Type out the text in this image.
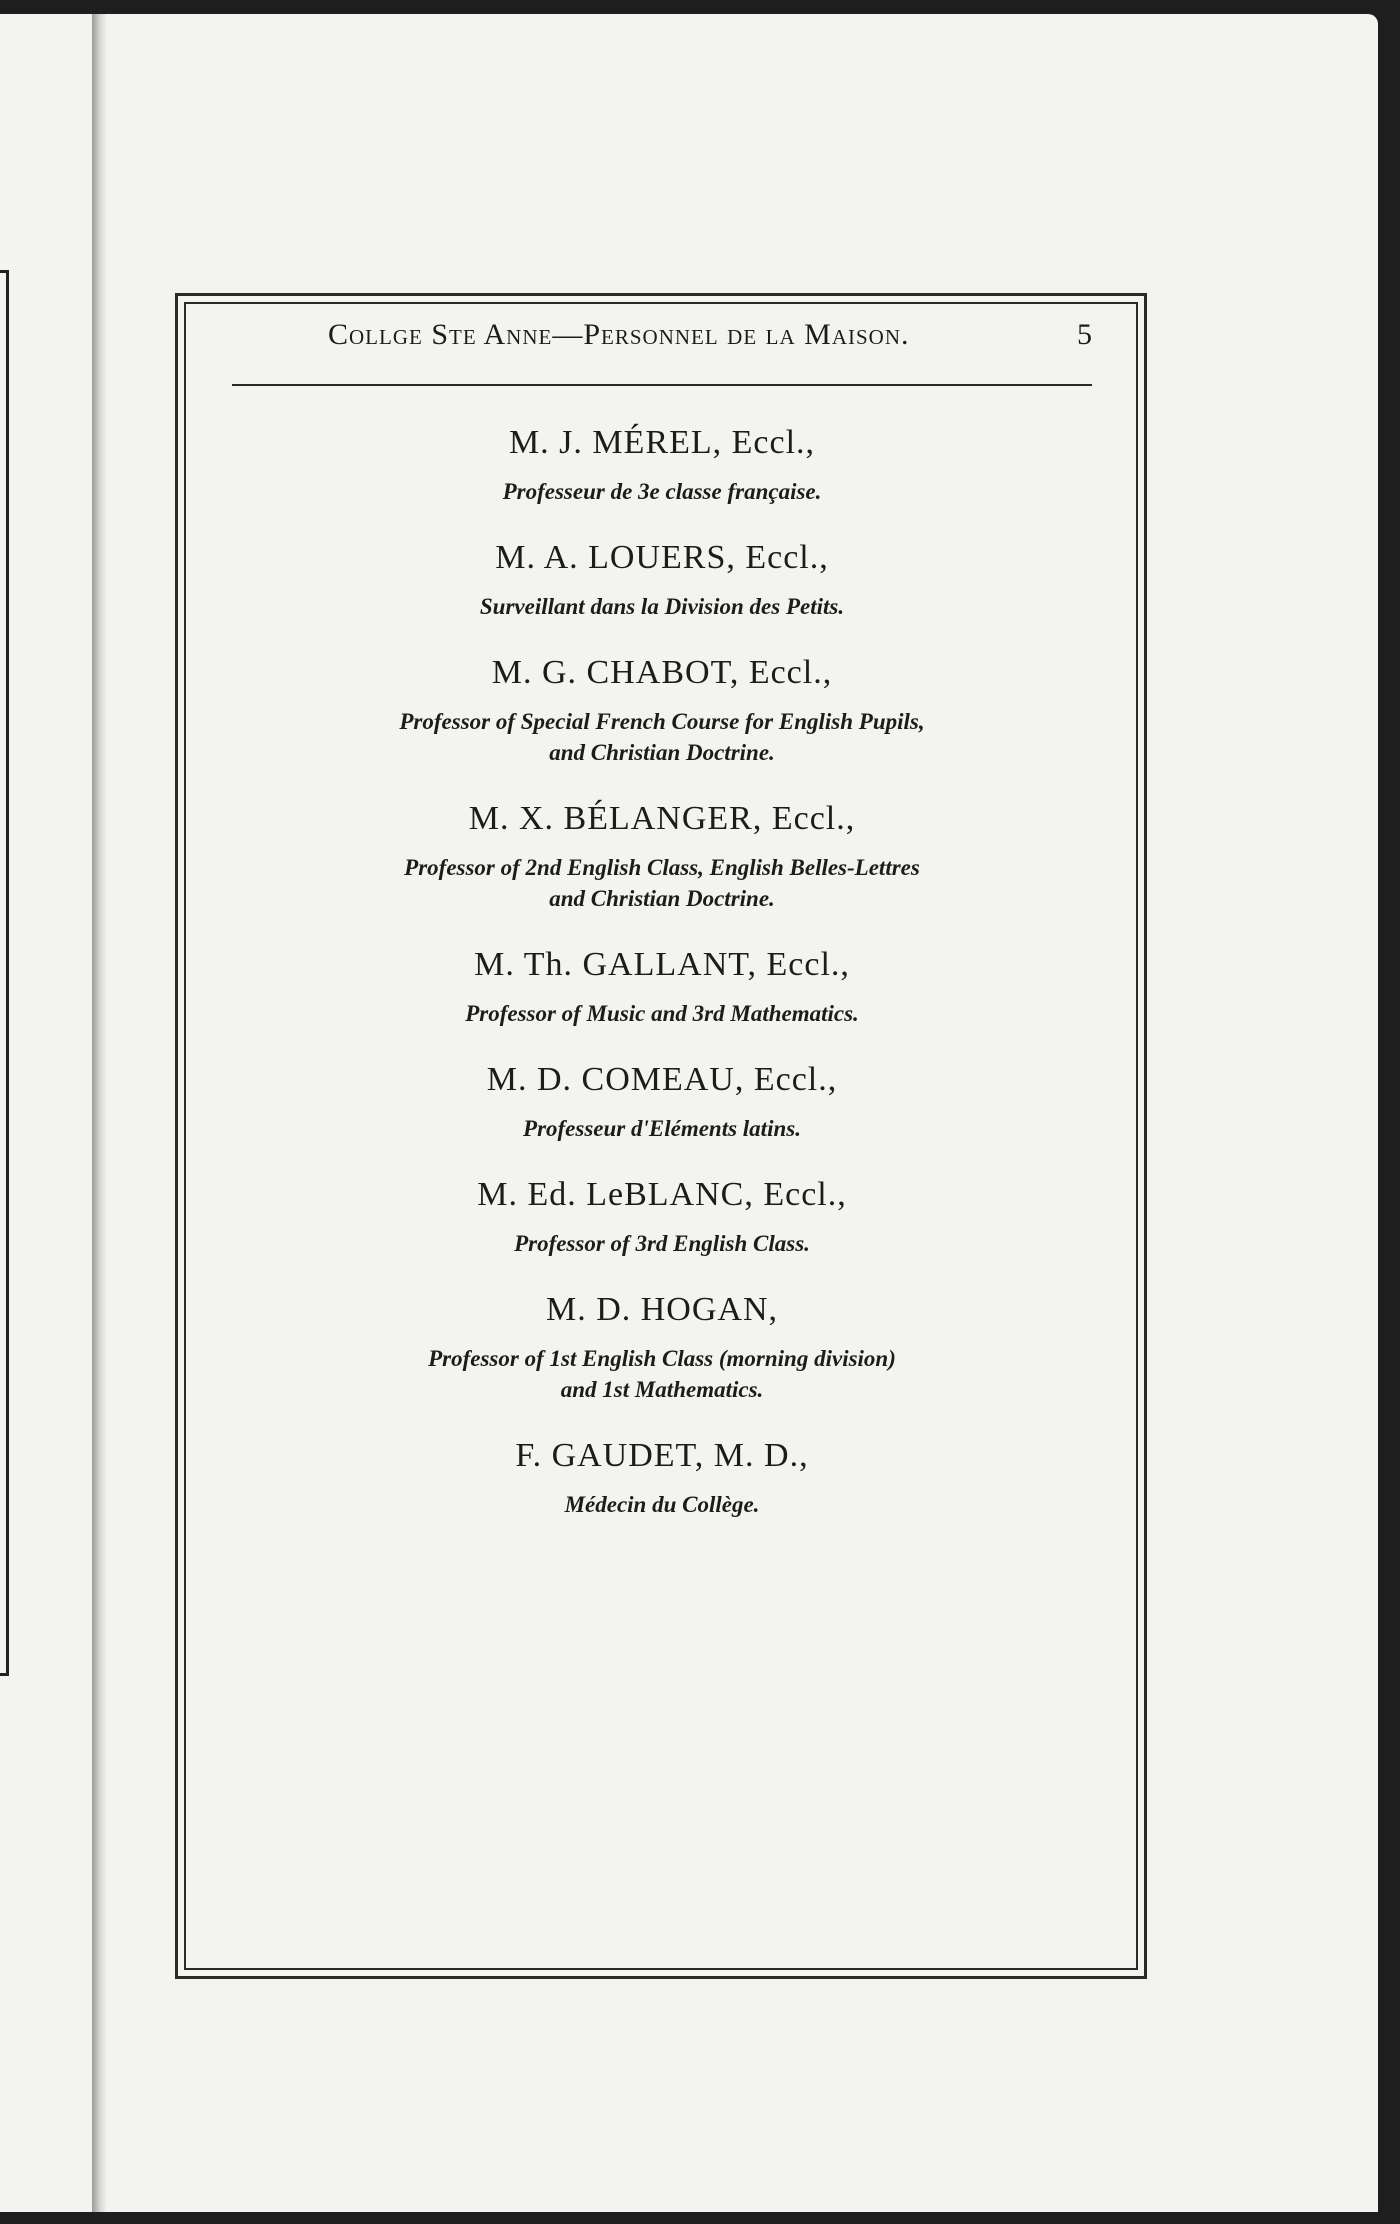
Collge Ste Anne—Personnel de la Maison.	5
M. J. MÉREL, Eccl.,
Professeur de 3e classe française.
M. A. LOUERS, Eccl.,
Surveillant dans la Division des Petits.
M. G. CHABOT, Eccl.,
Professor of Special French Course for English Pupils,
and Christian Doctrine.
M. X. BÉLANGER, Eccl.,
Professor of 2nd English Class, English Belles-Lettres
and Christian Doctrine.
M. Th. GALLANT, Eccl.,
Professor of Music and 3rd Mathematics.
M. D. COMEAU, Eccl.,
Professeur d'Eléments latins.
M. Ed. LeBLANC, Eccl.,
Professor of 3rd English Class.
M. D. HOGAN,
Professor of 1st English Class (morning division)
and 1st Mathematics.
F. GAUDET, M. D.,
Médecin du Collège.
